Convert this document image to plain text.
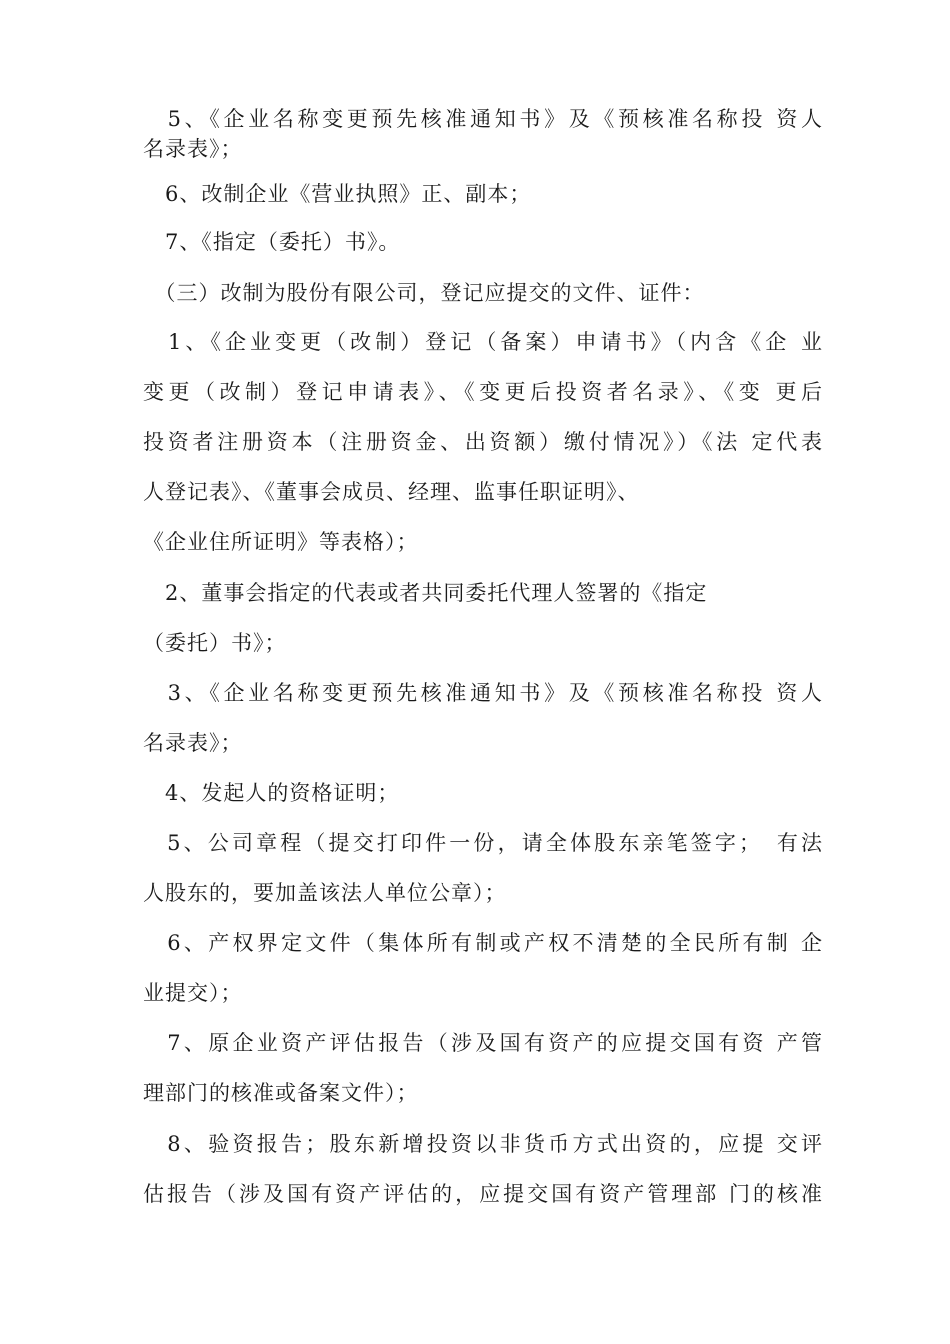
　5、《企业名称变更预先核准通知书》及《预核准名称投 资人
名录表》；
　6、改制企业《营业执照》正、副本；
　7、《指定（委托）书》。
　（三）改制为股份有限公司，登记应提交的文件、证件：
　1、《企业变更（改制）登记（备案）申请书》（内含《企 业
变更（改制）登记申请表》、《变更后投资者名录》、《变 更后
投资者注册资本（注册资金、出资额）缴付情况》）《法 定代表
人登记表》、《董事会成员、经理、监事任职证明》、
《企业住所证明》等表格）；
　2、董事会指定的代表或者共同委托代理人签署的《指定
（委托）书》；
　3、《企业名称变更预先核准通知书》及《预核准名称投 资人
名录表》；
　4、发起人的资格证明；
　5、公司章程（提交打印件一份，请全体股东亲笔签字；　有法
人股东的，要加盖该法人单位公章）；
　6、产权界定文件（集体所有制或产权不清楚的全民所有制 企
业提交）；
　7、原企业资产评估报告（涉及国有资产的应提交国有资 产管
理部门的核准或备案文件）；
　8、验资报告；股东新增投资以非货币方式出资的，应提 交评
估报告（涉及国有资产评估的，应提交国有资产管理部 门的核准
